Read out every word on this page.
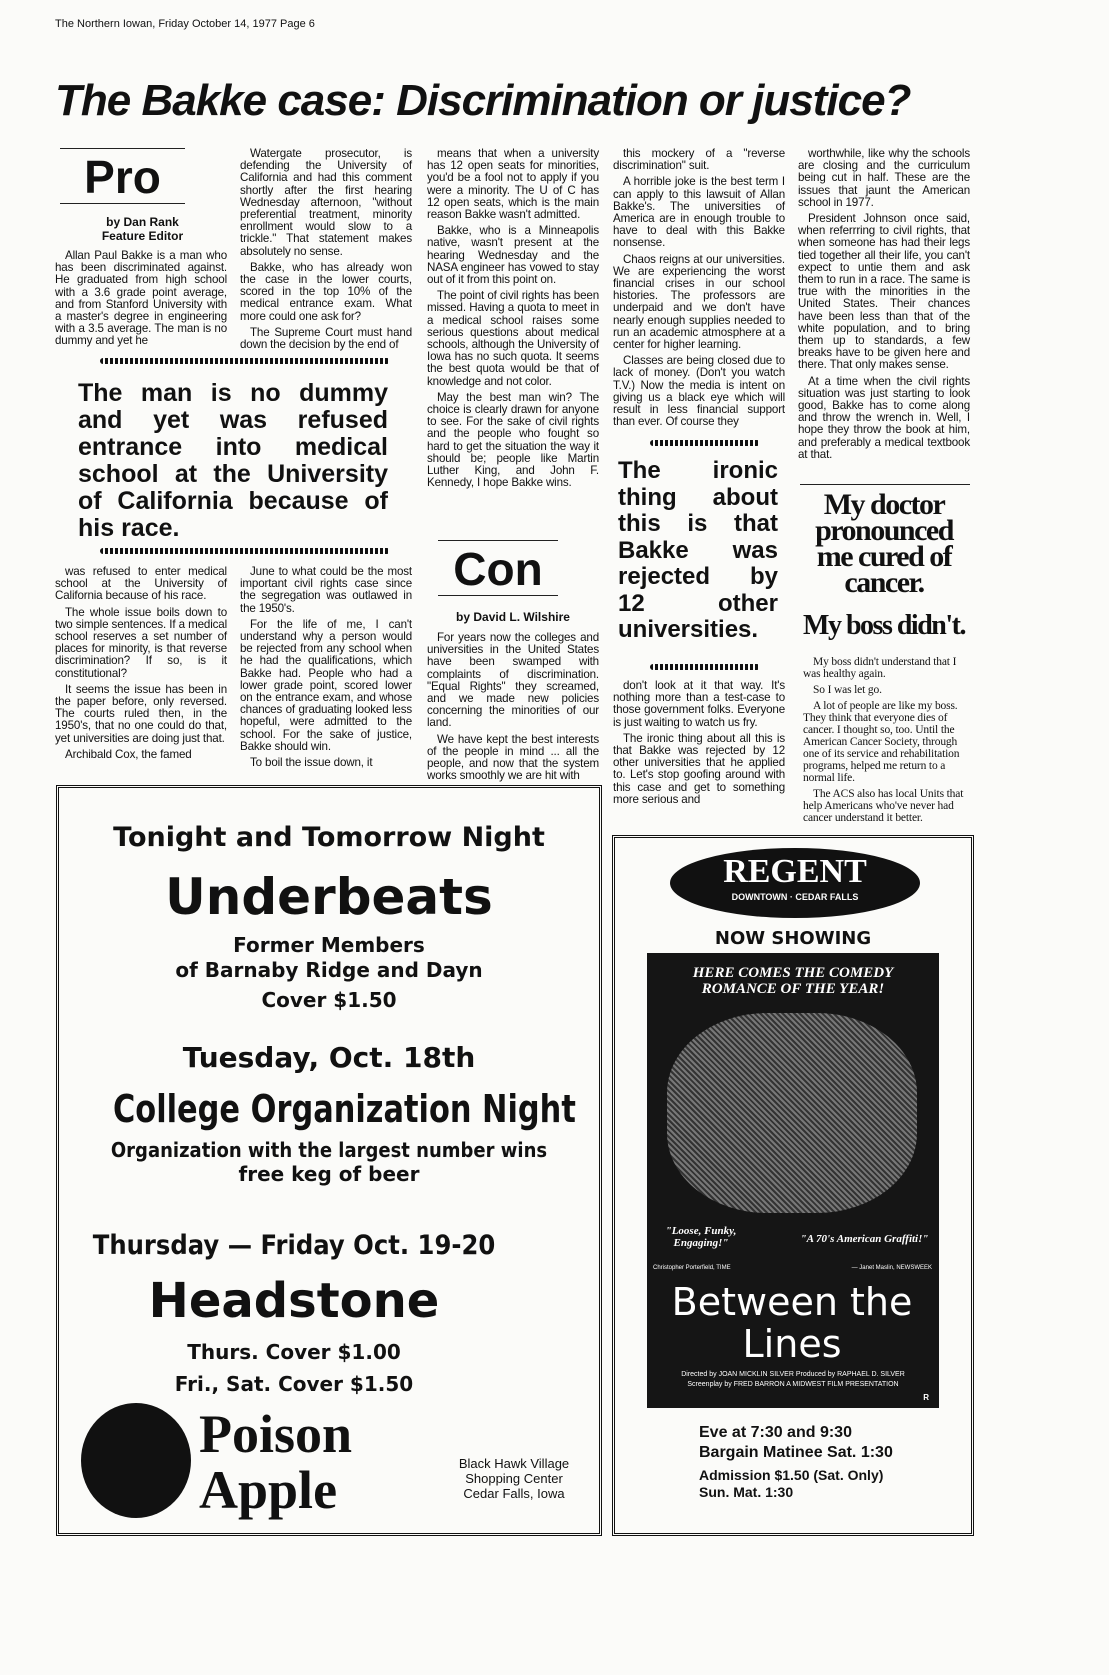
The Northern Iowan, Friday October 14, 1977 Page 6
The Bakke case: Discrimination or justice?
Pro
by Dan Rank
Feature Editor

Allan Paul Bakke is a man who has been discriminated against. He graduated from high school with a 3.6 grade point average, and from Stanford University with a master's degree in engineering with a 3.5 average. The man is no dummy and yet he

Watergate prosecutor, is defending the University of California and had this comment shortly after the first hearing Wednesday afternoon, "without preferential treatment, minority enrollment would slow to a trickle." That statement makes absolutely no sense.

Bakke, who has already won the case in the lower courts, scored in the top 10% of the medical entrance exam. What more could one ask for?

The Supreme Court must hand down the decision by the end of

The man is no dummy and yet was refused entrance into medical school at the University of California because of his race.

was refused to enter medical school at the University of California because of his race.

The whole issue boils down to two simple sentences. If a medical school reserves a set number of places for minority, is that reverse discrimination? If so, is it constitutional?

It seems the issue has been in the paper before, only reversed. The courts ruled then, in the 1950's, that no one could do that, yet universities are doing just that.

Archibald Cox, the famed

June to what could be the most important civil rights case since the segregation was outlawed in the 1950's.

For the life of me, I can't understand why a person would be rejected from any school when he had the qualifications, which Bakke had. People who had a lower grade point, scored lower on the entrance exam, and whose chances of graduating looked less hopeful, were admitted to the school. For the sake of justice, Bakke should win.

To boil the issue down, it

means that when a university has 12 open seats for minorities, you'd be a fool not to apply if you were a minority. The U of C has 12 open seats, which is the main reason Bakke wasn't admitted.

Bakke, who is a Minneapolis native, wasn't present at the hearing Wednesday and the NASA engineer has vowed to stay out of it from this point on.

The point of civil rights has been missed. Having a quota to meet in a medical school raises some serious questions about medical schools, although the University of Iowa has no such quota. It seems the best quota would be that of knowledge and not color.

May the best man win? The choice is clearly drawn for anyone to see. For the sake of civil rights and the people who fought so hard to get the situation the way it should be; people like Martin Luther King, and John F. Kennedy, I hope Bakke wins.

Con
by David L. Wilshire

For years now the colleges and universities in the United States have been swamped with complaints of discrimination. "Equal Rights" they screamed, and we made new policies concerning the minorities of our land.

We have kept the best interests of the people in mind ... all the people, and now that the system works smoothly we are hit with

this mockery of a "reverse discrimination" suit.

A horrible joke is the best term I can apply to this lawsuit of Allan Bakke's. The universities of America are in enough trouble to have to deal with this Bakke nonsense.

Chaos reigns at our universities. We are experiencing the worst financial crises in our school histories. The professors are underpaid and we don't have nearly enough supplies needed to run an academic atmosphere at a center for higher learning.

Classes are being closed due to lack of money. (Don't you watch T.V.) Now the media is intent on giving us a black eye which will result in less financial support than ever. Of course they

The ironic thing about this is that Bakke was rejected by 12 other universities.

don't look at it that way. It's nothing more than a test-case to those government folks. Everyone is just waiting to watch us fry.

The ironic thing about all this is that Bakke was rejected by 12 other universities that he applied to. Let's stop goofing around with this case and get to something more serious and

worthwhile, like why the schools are closing and the curriculum being cut in half. These are the issues that jaunt the American school in 1977.

President Johnson once said, when referrring to civil rights, that when someone has had their legs tied together all their life, you can't expect to untie them and ask them to run in a race. The same is true with the minorities in the United States. Their chances have been less than that of the white population, and to bring them up to standards, a few breaks have to be given here and there. That only makes sense.

At a time when the civil rights situation was just starting to look good, Bakke has to come along and throw the wrench in. Well, I hope they throw the book at him, and preferably a medical textbook at that.

My doctor pronounced me cured of cancer.
My boss didn't.

My boss didn't understand that I was healthy again.

So I was let go.

A lot of people are like my boss. They think that everyone dies of cancer. I thought so, too. Until the American Cancer Society, through one of its service and rehabilitation programs, helped me return to a normal life.

The ACS also has local Units that help Americans who've never had cancer understand it better.

Tonight and Tomorrow Night
Underbeats
Former Members
of Barnaby Ridge and Dayn
Cover $1.50
Tuesday, Oct. 18th
College Organization Night
Organization with the largest number wins
free keg of beer
Thursday — Friday Oct. 19-20
Headstone
Thurs. Cover $1.00
Fri., Sat. Cover $1.50
Poison Apple	Black Hawk Village
Shopping Center
Cedar Falls, Iowa
REGENT
DOWNTOWN · CEDAR FALLS
NOW SHOWING
HERE COMES THE COMEDY ROMANCE OF THE YEAR!
"Loose, Funky, Engaging!"
Christopher Porterfield, TIME
"A 70's American Graffiti!"
— Janet Maslin, NEWSWEEK
Between the Lines
Directed by JOAN MICKLIN SILVER Produced by RAPHAEL D. SILVER
Screenplay by FRED BARRON A MIDWEST FILM PRESENTATION
R
Eve at 7:30 and 9:30
Bargain Matinee Sat. 1:30
Admission $1.50 (Sat. Only)
Sun. Mat. 1:30
